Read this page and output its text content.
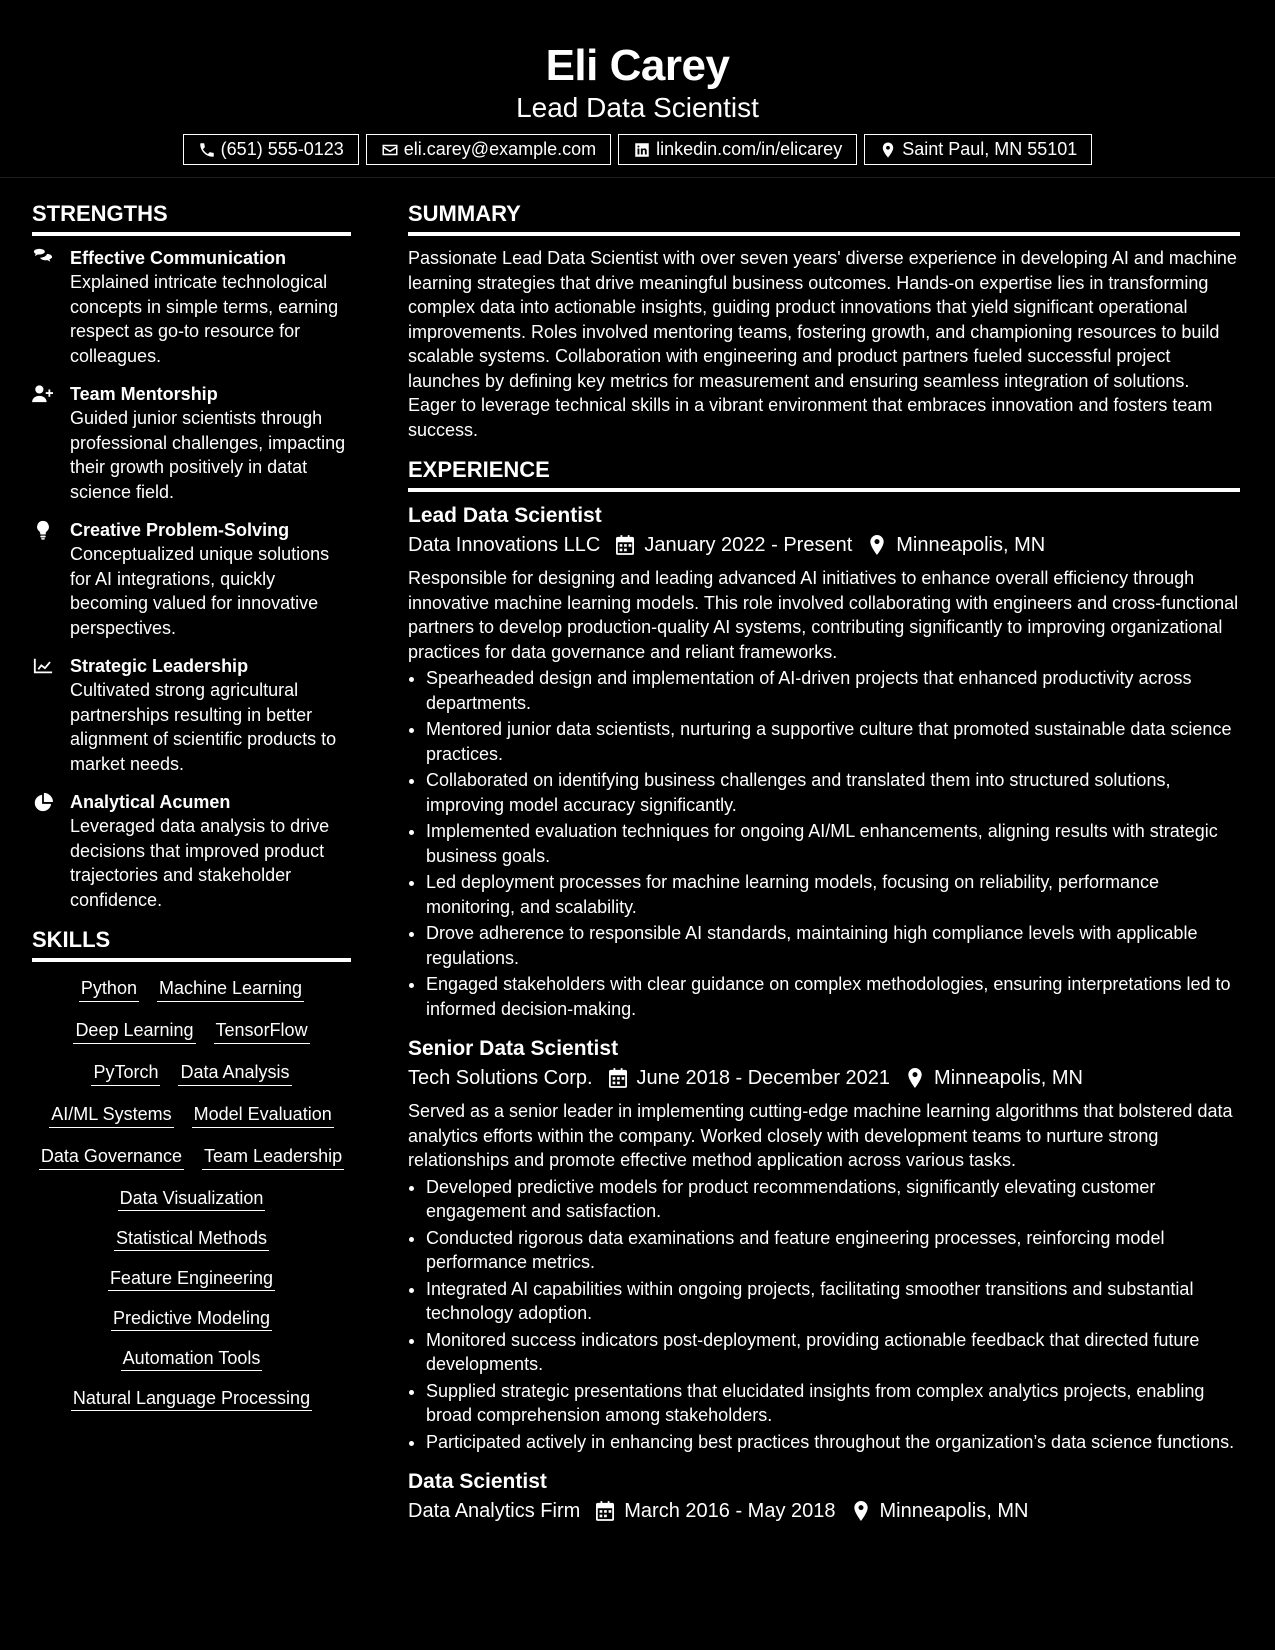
Eli Carey
Lead Data Scientist
(651) 555-0123	eli.carey@example.com	linkedin.com/in/elicarey	Saint Paul, MN 55101
STRENGTHS
Effective Communication
Explained intricate technological concepts in simple terms, earning respect as go-to resource for colleagues.
Team Mentorship
Guided junior scientists through professional challenges, impacting their growth positively in datat science field.
Creative Problem-Solving
Conceptualized unique solutions for AI integrations, quickly becoming valued for innovative perspectives.
Strategic Leadership
Cultivated strong agricultural partnerships resulting in better alignment of scientific products to market needs.
Analytical Acumen
Leveraged data analysis to drive decisions that improved product trajectories and stakeholder confidence.
SKILLS
Python Machine Learning
Deep Learning TensorFlow
PyTorch Data Analysis
AI/ML Systems Model Evaluation
Data Governance Team Leadership
Data Visualization
Statistical Methods
Feature Engineering
Predictive Modeling
Automation Tools
Natural Language Processing
SUMMARY

Passionate Lead Data Scientist with over seven years' diverse experience in developing AI and machine learning strategies that drive meaningful business outcomes. Hands-on expertise lies in transforming complex data into actionable insights, guiding product innovations that yield significant operational improvements. Roles involved mentoring teams, fostering growth, and championing resources to build scalable systems. Collaboration with engineering and product partners fueled successful project launches by defining key metrics for measurement and ensuring seamless integration of solutions. Eager to leverage technical skills in a vibrant environment that embraces innovation and fosters team success.

EXPERIENCE
Lead Data Scientist
Data Innovations LLC January 2022 - Present Minneapolis, MN

Responsible for designing and leading advanced AI initiatives to enhance overall efficiency through innovative machine learning models. This role involved collaborating with engineers and cross-functional partners to develop production-quality AI systems, contributing significantly to improving organizational practices for data governance and reliant frameworks.

• Spearheaded design and implementation of AI-driven projects that enhanced productivity across departments.
• Mentored junior data scientists, nurturing a supportive culture that promoted sustainable data science practices.
• Collaborated on identifying business challenges and translated them into structured solutions, improving model accuracy significantly.
• Implemented evaluation techniques for ongoing AI/ML enhancements, aligning results with strategic business goals.
• Led deployment processes for machine learning models, focusing on reliability, performance monitoring, and scalability.
• Drove adherence to responsible AI standards, maintaining high compliance levels with applicable regulations.
• Engaged stakeholders with clear guidance on complex methodologies, ensuring interpretations led to informed decision-making.
Senior Data Scientist
Tech Solutions Corp. June 2018 - December 2021 Minneapolis, MN

Served as a senior leader in implementing cutting-edge machine learning algorithms that bolstered data analytics efforts within the company. Worked closely with development teams to nurture strong relationships and promote effective method application across various tasks.

• Developed predictive models for product recommendations, significantly elevating customer engagement and satisfaction.
• Conducted rigorous data examinations and feature engineering processes, reinforcing model performance metrics.
• Integrated AI capabilities within ongoing projects, facilitating smoother transitions and substantial technology adoption.
• Monitored success indicators post-deployment, providing actionable feedback that directed future developments.
• Supplied strategic presentations that elucidated insights from complex analytics projects, enabling broad comprehension among stakeholders.
• Participated actively in enhancing best practices throughout the organization’s data science functions.
Data Scientist
Data Analytics Firm March 2016 - May 2018 Minneapolis, MN
